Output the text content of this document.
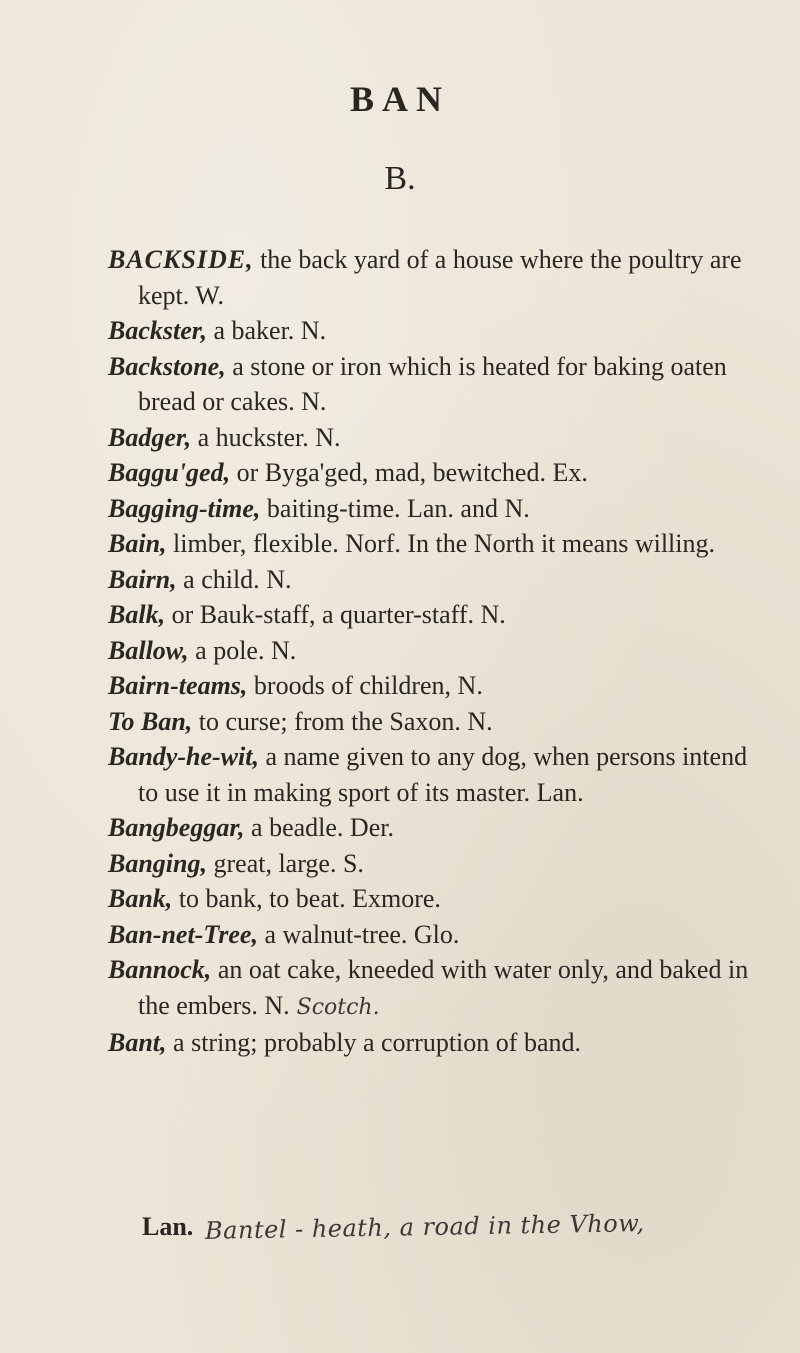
BAN
B.

BACKSIDE, the back yard of a house where the poultry are kept. W.

Backster, a baker. N.

Backstone, a stone or iron which is heated for baking oaten bread or cakes. N.

Badger, a huckster. N.

Baggu'ged, or Byga'ged, mad, bewitched. Ex.

Bagging-time, baiting-time. Lan. and N.

Bain, limber, flexible. Norf. In the North it means willing.

Bairn, a child. N.

Balk, or Bauk-staff, a quarter-staff. N.

Ballow, a pole. N.

Bairn-teams, broods of children, N.

To Ban, to curse; from the Saxon. N.

Bandy-he-wit, a name given to any dog, when persons intend to use it in making sport of its master. Lan.

Bangbeggar, a beadle. Der.

Banging, great, large. S.

Bank, to bank, to beat. Exmore.

Ban-net-Tree, a walnut-tree. Glo.

Bannock, an oat cake, kneeded with water only, and baked in the embers. N. Scotch.

Bant, a string; probably a corruption of band.

Lan. Bantel - heath, a road in the Vhow,
